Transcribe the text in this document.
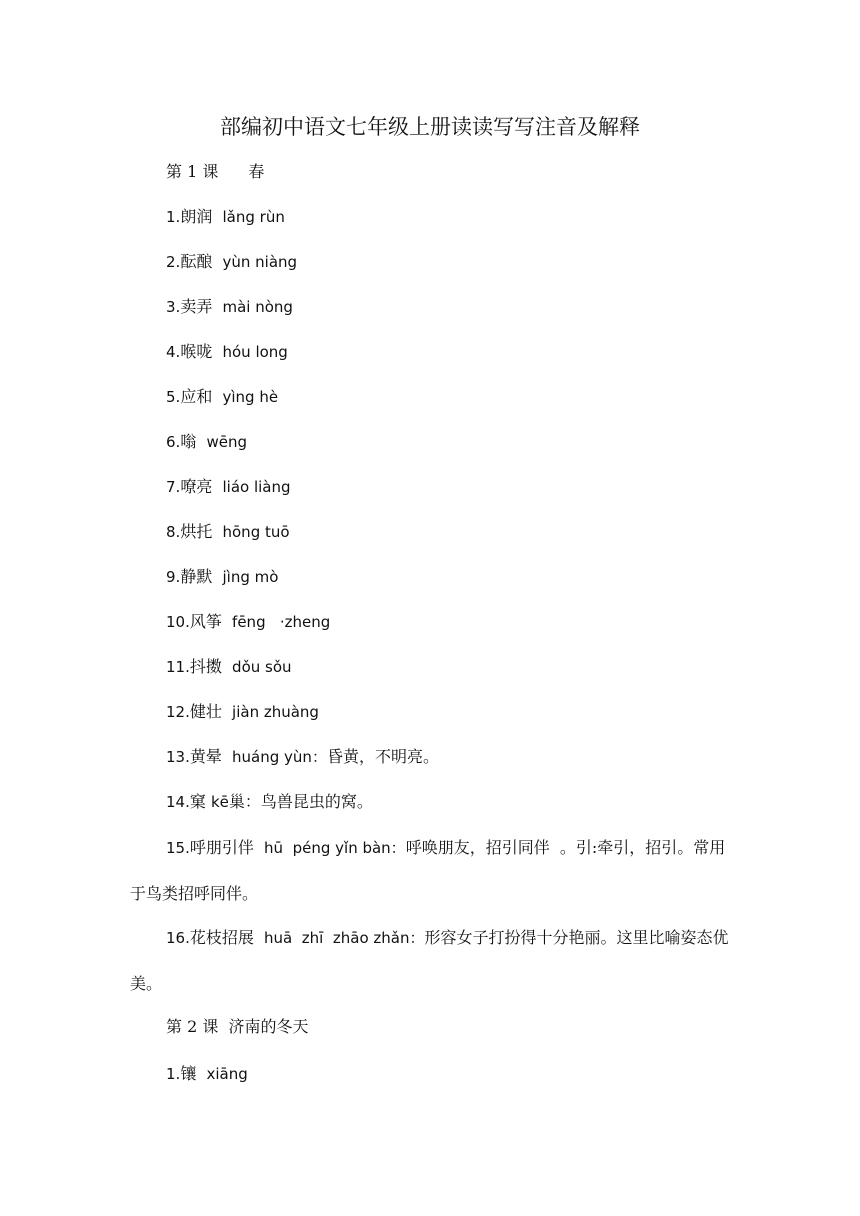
部编初中语文七年级上册读读写写注音及解释
第 1 课 春
1.朗润 lǎng rùn
2.酝酿 yùn niàng
3.卖弄 mài nòng
4.喉咙 hóu long
5.应和 yìng hè
6.嗡 wēng
7.嘹亮 liáo liàng
8.烘托 hōng tuō
9.静默 jìng mò
10.风筝 fēng   ·zheng
11.抖擞 dǒu sǒu
12.健壮 jiàn zhuàng
13.黄晕 huáng yùn：昏黄，不明亮。
14.窠 kē巢：鸟兽昆虫的窝。
15.呼朋引伴 hū  péng yǐn bàn：呼唤朋友，招引同伴  。引:牵引，招引。常用于鸟类招呼同伴。
16.花枝招展 huā  zhī  zhāo zhǎn：形容女子打扮得十分艳丽。这里比喻姿态优美。
第 2 课 济南的冬天
1.镶 xiāng
